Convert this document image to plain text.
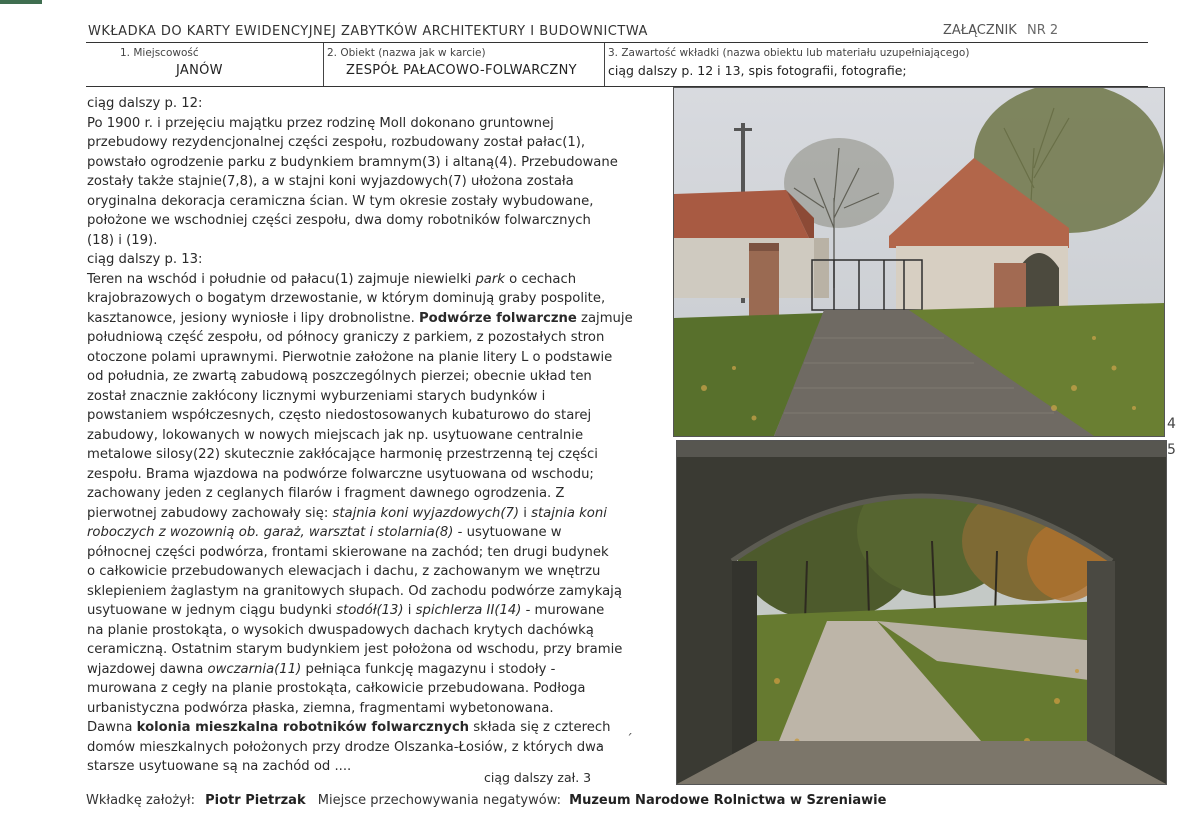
WKŁADKA DO KARTY EWIDENCYJNEJ ZABYTKÓW ARCHITEKTURY I BUDOWNICTWA	ZAŁĄCZNIK NR 2
1. Miejscowość
JANÓW
2. Obiekt (nazwa jak w karcie)
ZESPÓŁ PAŁACOWO-FOLWARCZNY
3. Zawartość wkładki (nazwa obiektu lub materiału uzupełniającego)
ciąg dalszy p. 12 i 13, spis fotografii, fotografie;
ciąg dalszy p. 12:
Po 1900 r. i przejęciu majątku przez rodzinę Moll dokonano gruntownej
przebudowy rezydencjonalnej części zespołu, rozbudowany został pałac(1),
powstało ogrodzenie parku z budynkiem bramnym(3) i altaną(4). Przebudowane
zostały także stajnie(7,8), a w stajni koni wyjazdowych(7) ułożona została
oryginalna dekoracja ceramiczna ścian. W tym okresie zostały wybudowane,
położone we wschodniej części zespołu, dwa domy robotników folwarcznych
(18) i (19).
ciąg dalszy p. 13:
Teren na wschód i południe od pałacu(1) zajmuje niewielki park o cechach
krajobrazowych o bogatym drzewostanie, w którym dominują graby pospolite,
kasztanowce, jesiony wyniosłe i lipy drobnolistne. Podwórze folwarczne zajmuje
południową część zespołu, od północy graniczy z parkiem, z pozostałych stron
otoczone polami uprawnymi. Pierwotnie założone na planie litery L o podstawie
od południa, ze zwartą zabudową poszczególnych pierzei; obecnie układ ten
został znacznie zakłócony licznymi wyburzeniami starych budynków i
powstaniem współczesnych, często niedostosowanych kubaturowo do starej
zabudowy, lokowanych w nowych miejscach jak np. usytuowane centralnie
metalowe silosy(22) skutecznie zakłócające harmonię przestrzenną tej części
zespołu. Brama wjazdowa na podwórze folwarczne usytuowana od wschodu;
zachowany jeden z ceglanych filarów i fragment dawnego ogrodzenia. Z
pierwotnej zabudowy zachowały się: stajnia koni wyjazdowych(7) i stajnia koni
roboczych z wozownią ob. garaż, warsztat i stolarnia(8) - usytuowane w
północnej części podwórza, frontami skierowane na zachód; ten drugi budynek
o całkowicie przebudowanych elewacjach i dachu, z zachowanym we wnętrzu
sklepieniem żaglastym na granitowych słupach. Od zachodu podwórze zamykają
usytuowane w jednym ciągu budynki stodół(13) i spichlerza II(14) - murowane
na planie prostokąta, o wysokich dwuspadowych dachach krytych dachówką
ceramiczną. Ostatnim starym budynkiem jest położona od wschodu, przy bramie
wjazdowej dawna owczarnia(11) pełniąca funkcję magazynu i stodoły -
murowana z cegły na planie prostokąta, całkowicie przebudowana. Podłoga
urbanistyczna podwórza płaska, ziemna, fragmentami wybetonowana.
Dawna kolonia mieszkalna robotników folwarcznych składa się z czterech
domów mieszkalnych położonych przy drodze Olszanka-Łosiów, z których dwa
starsze usytuowane są na zachód od ....
ˏ ˏ ˊ
ciąg dalszy zał. 3
4
5
Wkładkę założył: Piotr Pietrzak Miejsce przechowywania negatywów: Muzeum Narodowe Rolnictwa w Szreniawie
